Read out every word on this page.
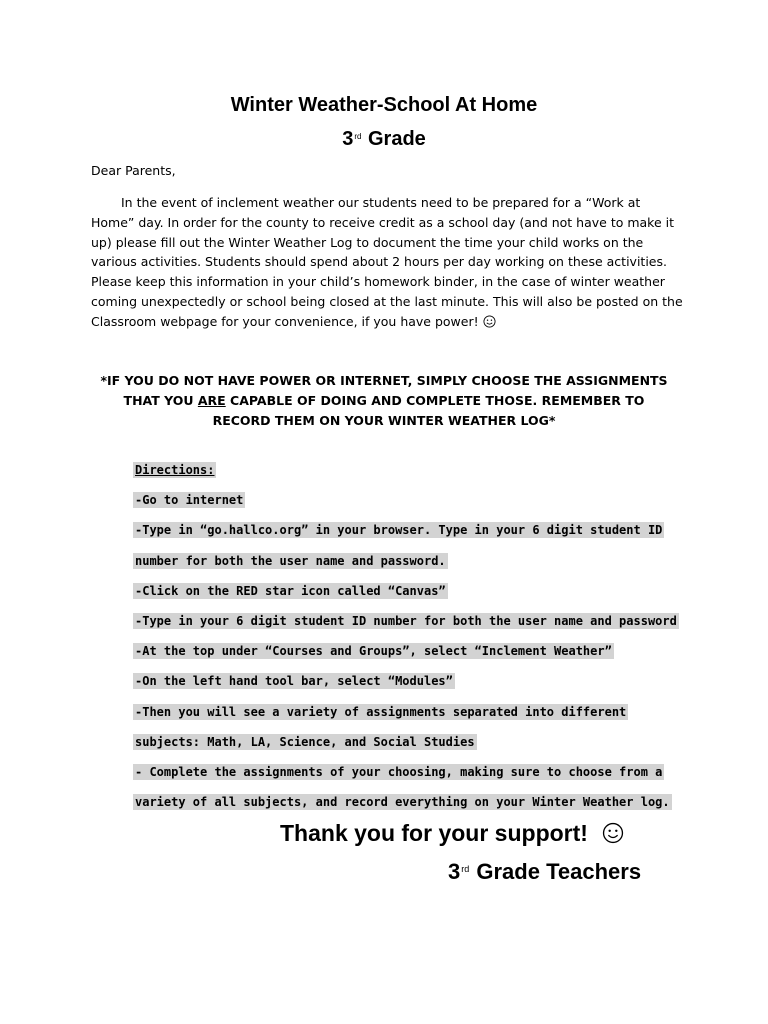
Winter Weather-School At Home
3rd Grade
Dear Parents,
In the event of inclement weather our students need to be prepared for a “Work at Home” day. In order for the county to receive credit as a school day (and not have to make it up) please fill out the Winter Weather Log to document the time your child works on the various activities. Students should spend about 2 hours per day working on these activities. Please keep this information in your child’s homework binder, in the case of winter weather coming unexpectedly or school being closed at the last minute. This will also be posted on the Classroom webpage for your convenience, if you have power!
*IF YOU DO NOT HAVE POWER OR INTERNET, SIMPLY CHOOSE THE ASSIGNMENTS THAT YOU ARE CAPABLE OF DOING AND COMPLETE THOSE. REMEMBER TO RECORD THEM ON YOUR WINTER WEATHER LOG*
Directions:
-Go to internet
-Type in “go.hallco.org” in your browser. Type in your 6 digit student ID
number for both the user name and password.
-Click on the RED star icon called “Canvas”
-Type in your 6 digit student ID number for both the user name and password
-At the top under “Courses and Groups”, select “Inclement Weather”
-On the left hand tool bar, select “Modules”
-Then you will see a variety of assignments separated into different
subjects: Math, LA, Science, and Social Studies
- Complete the assignments of your choosing, making sure to choose from a
variety of all subjects, and record everything on your Winter Weather log.
Thank you for your support!
3rd Grade Teachers
